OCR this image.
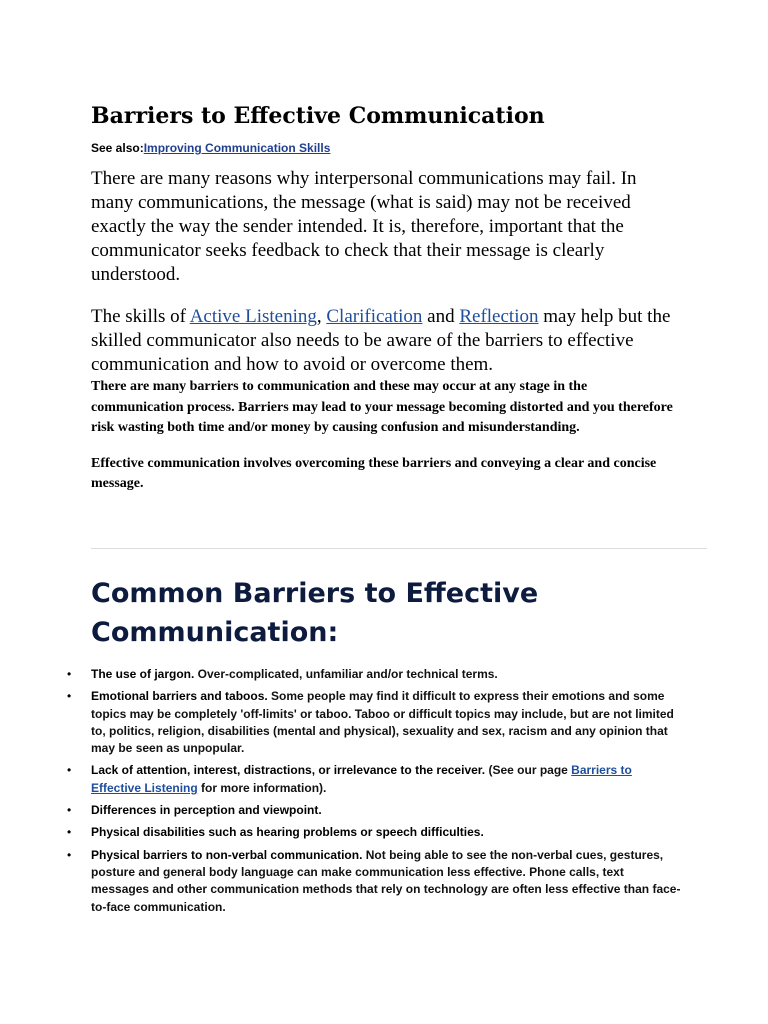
Barriers to Effective Communication
See also:Improving Communication Skills

There are many reasons why interpersonal communications may fail. In many communications, the message (what is said) may not be received exactly the way the sender intended. It is, therefore, important that the communicator seeks feedback to check that their message is clearly understood.

The skills of Active Listening, Clarification and Reflection may help but the skilled communicator also needs to be aware of the barriers to effective communication and how to avoid or overcome them.

There are many barriers to communication and these may occur at any stage in the communication process. Barriers may lead to your message becoming distorted and you therefore risk wasting both time and/or money by causing confusion and misunderstanding.

Effective communication involves overcoming these barriers and conveying a clear and concise message.

Common Barriers to Effective Communication:
• The use of jargon. Over-complicated, unfamiliar and/or technical terms.
• Emotional barriers and taboos. Some people may find it difficult to express their emotions and some topics may be completely 'off-limits' or taboo. Taboo or difficult topics may include, but are not limited to, politics, religion, disabilities (mental and physical), sexuality and sex, racism and any opinion that may be seen as unpopular.
• Lack of attention, interest, distractions, or irrelevance to the receiver. (See our page Barriers to Effective Listening for more information).
• Differences in perception and viewpoint.
• Physical disabilities such as hearing problems or speech difficulties.
• Physical barriers to non-verbal communication. Not being able to see the non-verbal cues, gestures, posture and general body language can make communication less effective. Phone calls, text messages and other communication methods that rely on technology are often less effective than face-to-face communication.
